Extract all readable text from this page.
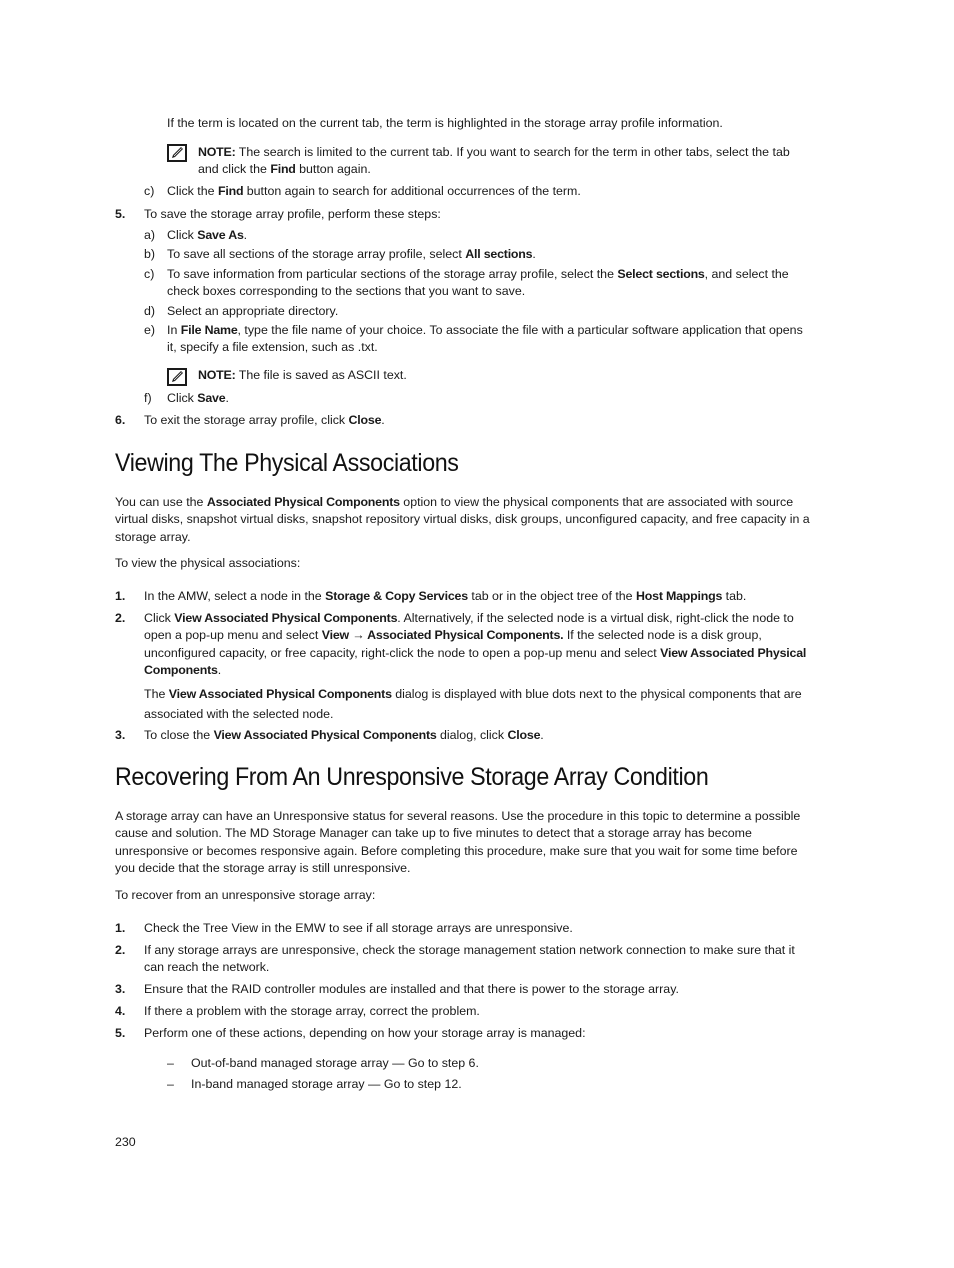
If the term is located on the current tab, the term is highlighted in the storage array profile information.

NOTE: The search is limited to the current tab. If you want to search for the term in other tabs, select the tab and click the Find button again.

c) Click the Find button again to search for additional occurrences of the term.

5. To save the storage array profile, perform these steps:

a) Click Save As.

b) To save all sections of the storage array profile, select All sections.

c) To save information from particular sections of the storage array profile, select the Select sections, and select the check boxes corresponding to the sections that you want to save.

d) Select an appropriate directory.

e) In File Name, type the file name of your choice. To associate the file with a particular software application that opens it, specify a file extension, such as .txt.

NOTE: The file is saved as ASCII text.

f) Click Save.

6. To exit the storage array profile, click Close.

Viewing The Physical Associations

You can use the Associated Physical Components option to view the physical components that are associated with source virtual disks, snapshot virtual disks, snapshot repository virtual disks, disk groups, unconfigured capacity, and free capacity in a storage array.

To view the physical associations:

1. In the AMW, select a node in the Storage & Copy Services tab or in the object tree of the Host Mappings tab.

2. Click View Associated Physical Components. Alternatively, if the selected node is a virtual disk, right-click the node to open a pop-up menu and select View → Associated Physical Components. If the selected node is a disk group, unconfigured capacity, or free capacity, right-click the node to open a pop-up menu and select View Associated Physical Components.

The View Associated Physical Components dialog is displayed with blue dots next to the physical components that are associated with the selected node.

3. To close the View Associated Physical Components dialog, click Close.

Recovering From An Unresponsive Storage Array Condition

A storage array can have an Unresponsive status for several reasons. Use the procedure in this topic to determine a possible cause and solution. The MD Storage Manager can take up to five minutes to detect that a storage array has become unresponsive or becomes responsive again. Before completing this procedure, make sure that you wait for some time before you decide that the storage array is still unresponsive.

To recover from an unresponsive storage array:

1. Check the Tree View in the EMW to see if all storage arrays are unresponsive.

2. If any storage arrays are unresponsive, check the storage management station network connection to make sure that it can reach the network.

3. Ensure that the RAID controller modules are installed and that there is power to the storage array.

4. If there a problem with the storage array, correct the problem.

5. Perform one of these actions, depending on how your storage array is managed:

– Out-of-band managed storage array — Go to step 6.
– In-band managed storage array — Go to step 12.
230
